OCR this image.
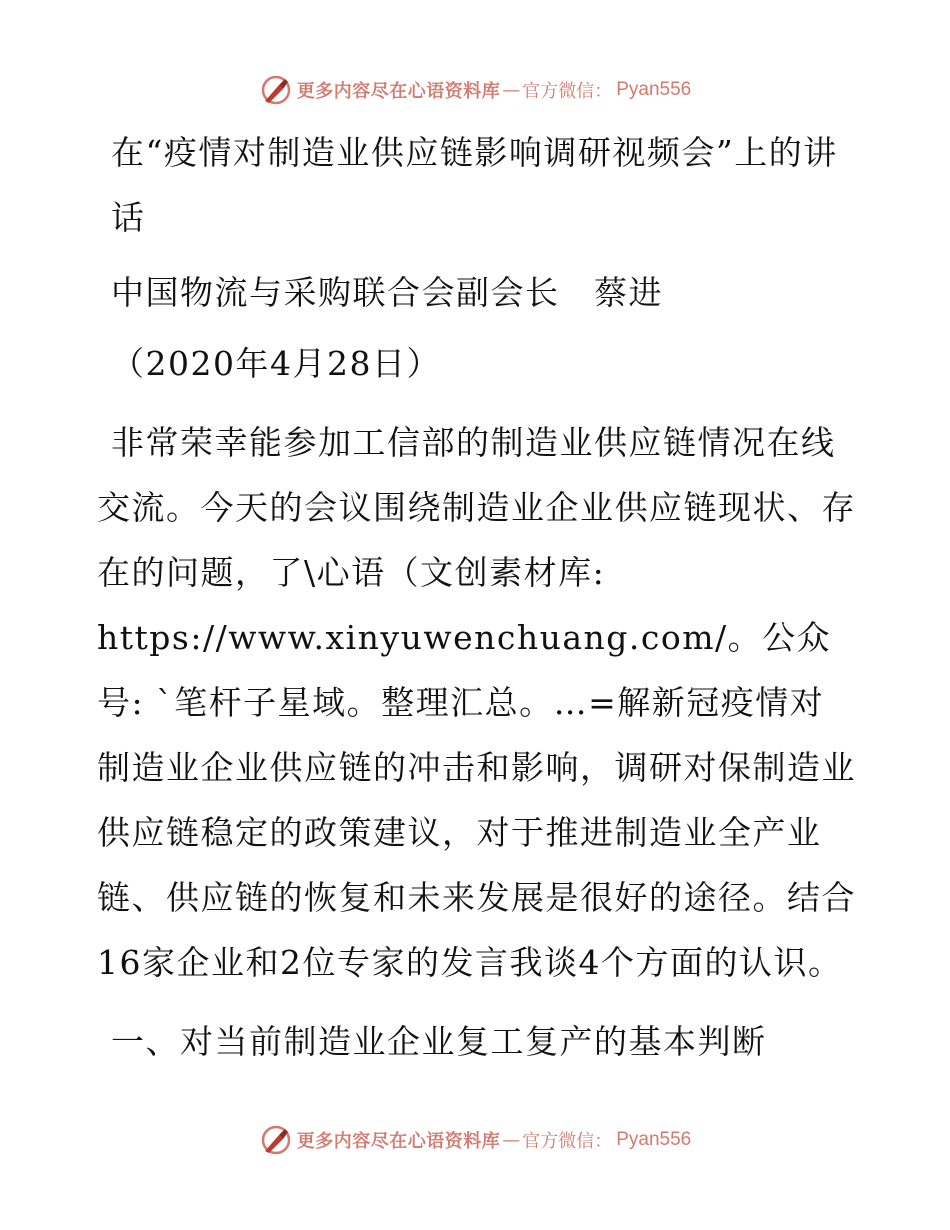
更多内容尽在心语资料库 — 官方微信： Pyan556

在“疫情对制造业供应链影响调研视频会”上的讲话

中国物流与采购联合会副会长　蔡进

（2020年4月28日）

非常荣幸能参加工信部的制造业供应链情况在线交流。今天的会议围绕制造业企业供应链现状、存在的问题，了\心语（文创素材库: https://www.xinyuwenchuang.com/。公众号: `笔杆子星域。整理汇总。…=解新冠疫情对制造业企业供应链的冲击和影响，调研对保制造业供应链稳定的政策建议，对于推进制造业全产业链、供应链的恢复和未来发展是很好的途径。结合16家企业和2位专家的发言我谈4个方面的认识。

一、对当前制造业企业复工复产的基本判断

更多内容尽在心语资料库 — 官方微信： Pyan556
